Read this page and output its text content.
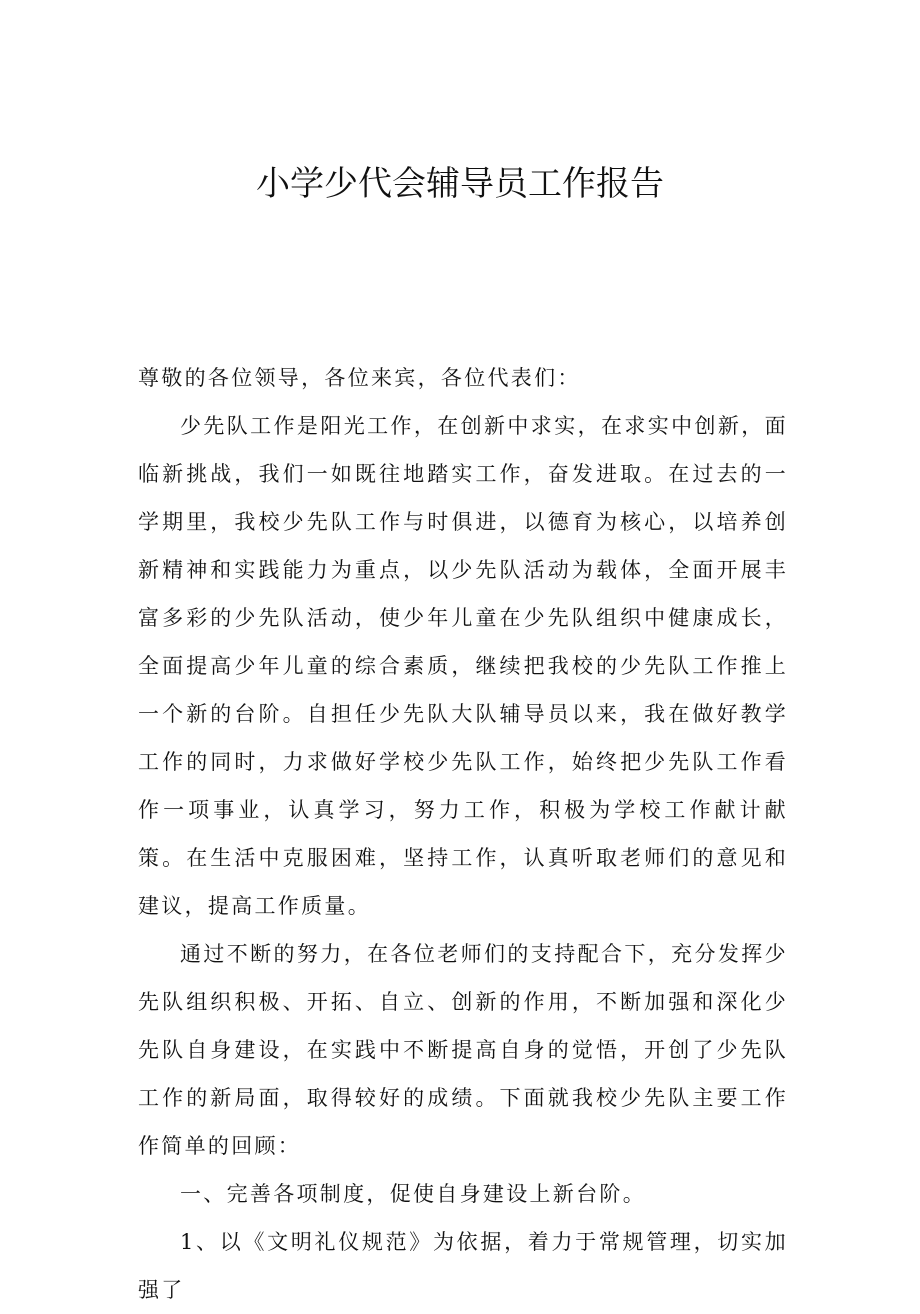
小学少代会辅导员工作报告

尊敬的各位领导，各位来宾，各位代表们：

少先队工作是阳光工作，在创新中求实，在求实中创新，面临新挑战，我们一如既往地踏实工作，奋发进取。在过去的一学期里，我校少先队工作与时俱进，以德育为核心，以培养创新精神和实践能力为重点，以少先队活动为载体，全面开展丰富多彩的少先队活动，使少年儿童在少先队组织中健康成长，全面提高少年儿童的综合素质，继续把我校的少先队工作推上一个新的台阶。自担任少先队大队辅导员以来，我在做好教学工作的同时，力求做好学校少先队工作，始终把少先队工作看作一项事业，认真学习，努力工作，积极为学校工作献计献策。在生活中克服困难，坚持工作，认真听取老师们的意见和建议，提高工作质量。

通过不断的努力，在各位老师们的支持配合下，充分发挥少先队组织积极、开拓、自立、创新的作用，不断加强和深化少先队自身建设，在实践中不断提高自身的觉悟，开创了少先队工作的新局面，取得较好的成绩。下面就我校少先队主要工作作简单的回顾：

一、完善各项制度，促使自身建设上新台阶。

1、以《文明礼仪规范》为依据，着力于常规管理，切实加强了
